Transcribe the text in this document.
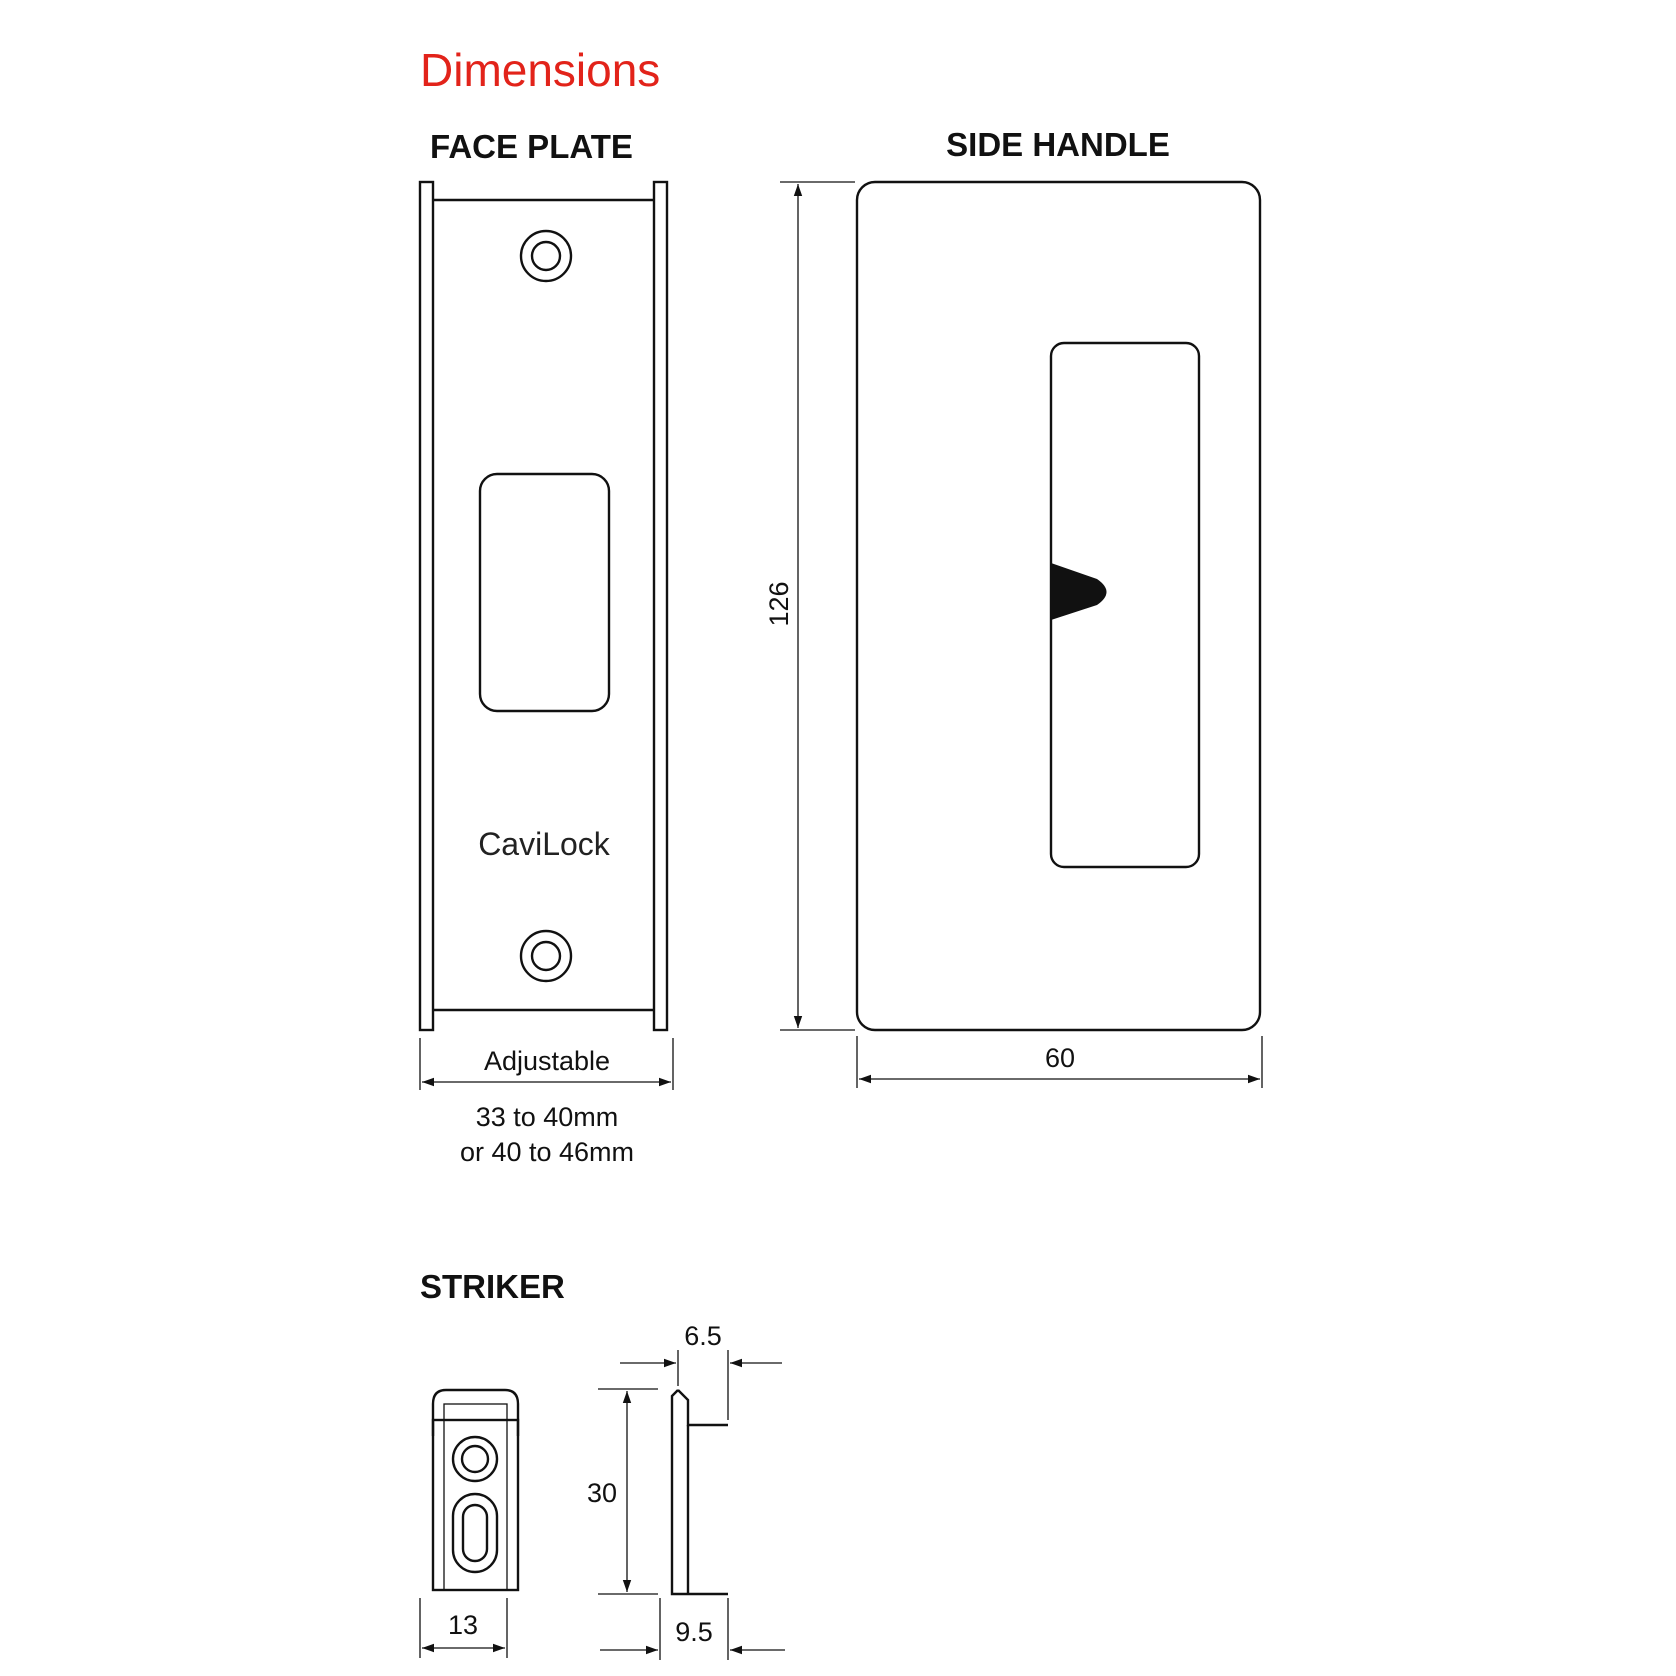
Dimensions
FACE PLATE
CaviLock
Adjustable
33 to 40mm
or 40 to 46mm
SIDE HANDLE
126
60
STRIKER
13
30
6.5
9.5
